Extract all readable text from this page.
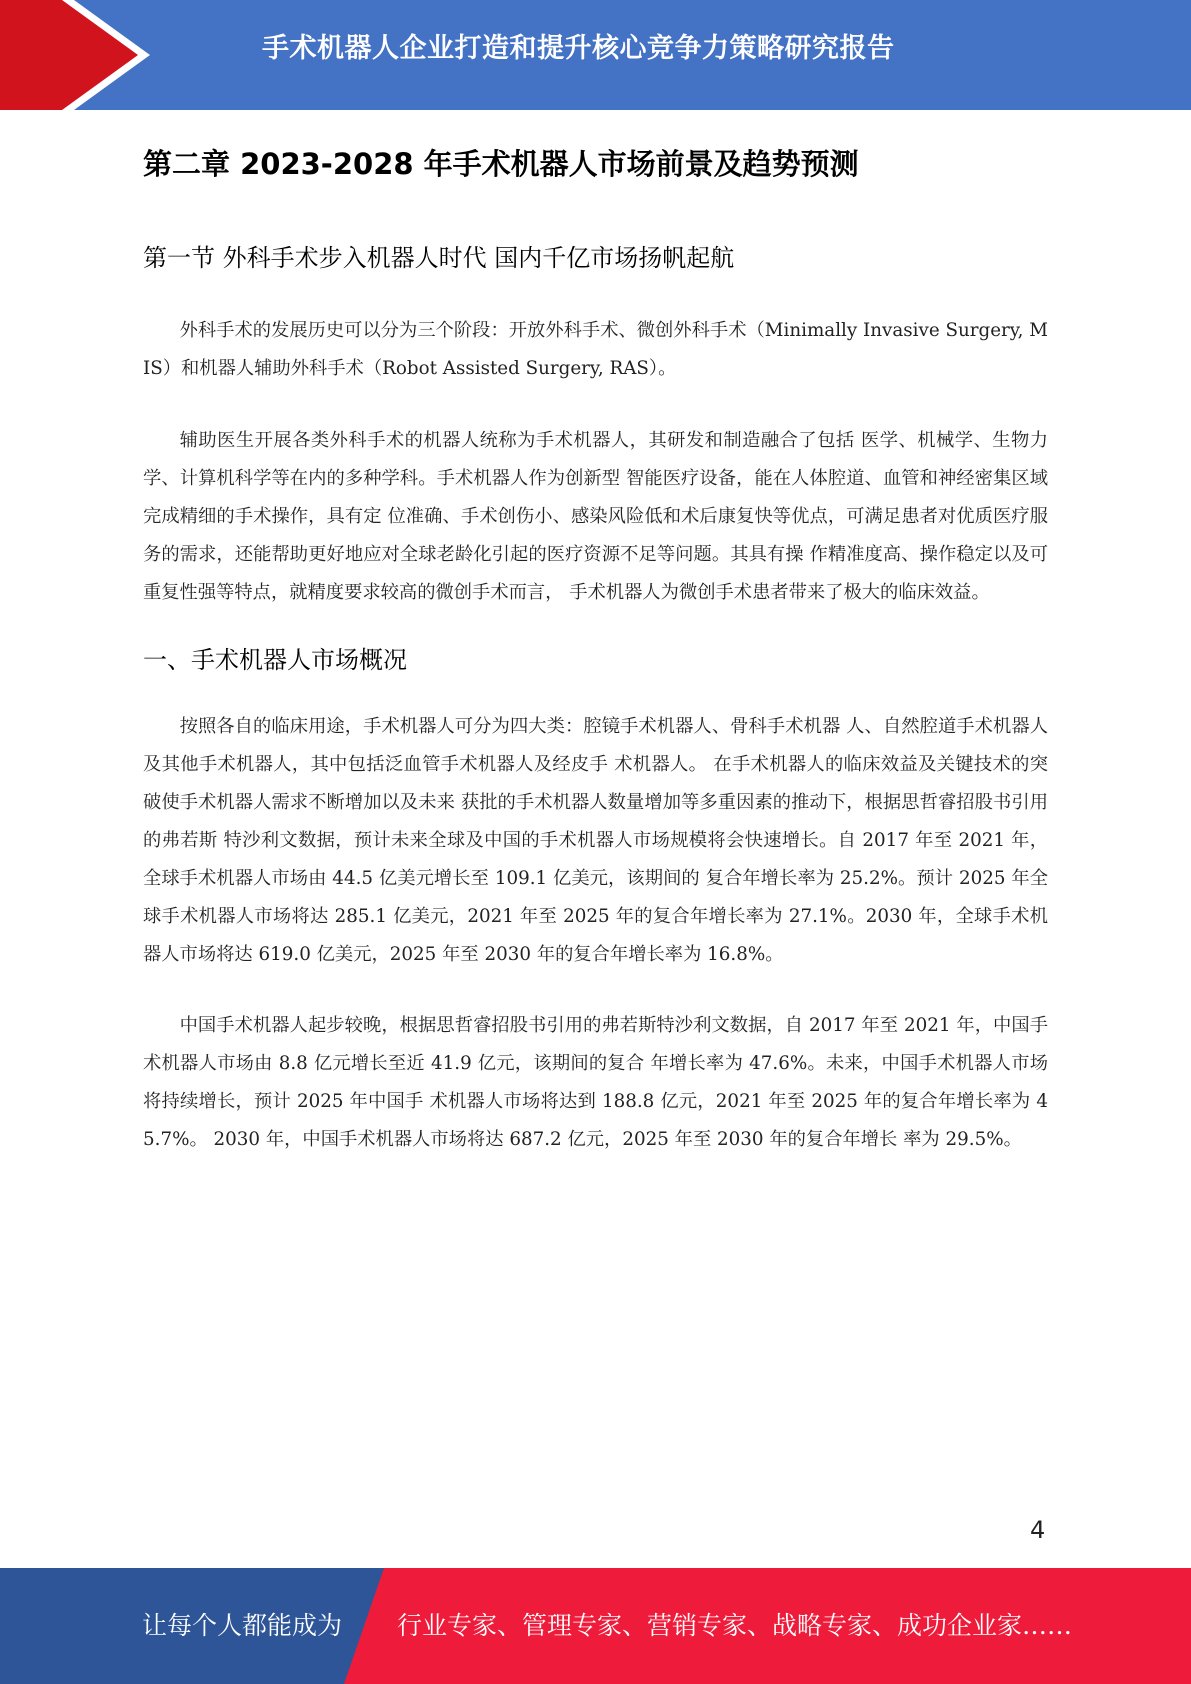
手术机器人企业打造和提升核心竞争力策略研究报告
第二章 2023-2028 年手术机器人市场前景及趋势预测
第一节 外科手术步入机器人时代 国内千亿市场扬帆起航

外科手术的发展历史可以分为三个阶段：开放外科手术、微创外科手术（Minimally Invasive Surgery, MIS）和机器人辅助外科手术（Robot Assisted Surgery, RAS）。

辅助医生开展各类外科手术的机器人统称为手术机器人，其研发和制造融合了包括 医学、机械学、生物力学、计算机科学等在内的多种学科。手术机器人作为创新型 智能医疗设备，能在人体腔道、血管和神经密集区域完成精细的手术操作，具有定 位准确、手术创伤小、感染风险低和术后康复快等优点，可满足患者对优质医疗服 务的需求，还能帮助更好地应对全球老龄化引起的医疗资源不足等问题。其具有操 作精准度高、操作稳定以及可重复性强等特点，就精度要求较高的微创手术而言， 手术机器人为微创手术患者带来了极大的临床效益。

一、手术机器人市场概况

按照各自的临床用途，手术机器人可分为四大类：腔镜手术机器人、骨科手术机器 人、自然腔道手术机器人及其他手术机器人，其中包括泛血管手术机器人及经皮手 术机器人。 在手术机器人的临床效益及关键技术的突破使手术机器人需求不断增加以及未来 获批的手术机器人数量增加等多重因素的推动下，根据思哲睿招股书引用的弗若斯 特沙利文数据，预计未来全球及中国的手术机器人市场规模将会快速增长。自 2017 年至 2021 年，全球手术机器人市场由 44.5 亿美元增长至 109.1 亿美元，该期间的 复合年增长率为 25.2%。预计 2025 年全球手术机器人市场将达 285.1 亿美元，2021 年至 2025 年的复合年增长率为 27.1%。2030 年，全球手术机器人市场将达 619.0 亿美元，2025 年至 2030 年的复合年增长率为 16.8%。

中国手术机器人起步较晚，根据思哲睿招股书引用的弗若斯特沙利文数据，自 2017 年至 2021 年，中国手术机器人市场由 8.8 亿元增长至近 41.9 亿元，该期间的复合 年增长率为 47.6%。未来，中国手术机器人市场将持续增长，预计 2025 年中国手 术机器人市场将达到 188.8 亿元，2021 年至 2025 年的复合年增长率为 45.7%。 2030 年，中国手术机器人市场将达 687.2 亿元，2025 年至 2030 年的复合年增长 率为 29.5%。

4
让每个人都能成为 行业专家、管理专家、营销专家、战略专家、成功企业家……
